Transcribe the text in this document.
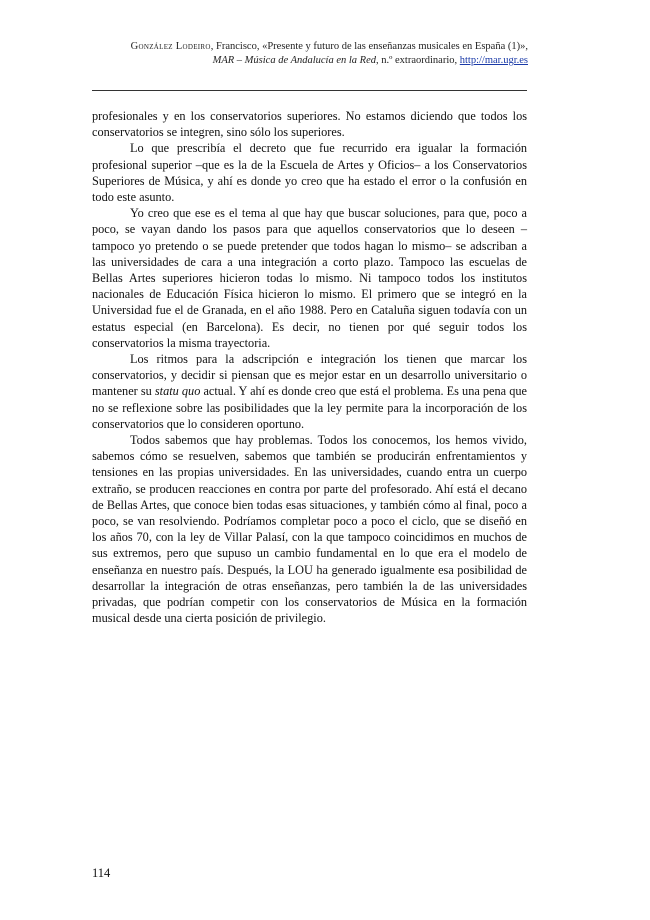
González Lodeiro, Francisco, «Presente y futuro de las enseñanzas musicales en España (1)»,
MAR – Música de Andalucía en la Red, n.º extraordinario, http://mar.ugr.es

profesionales y en los conservatorios superiores. No estamos diciendo que todos los conservatorios se integren, sino sólo los superiores.

Lo que prescribía el decreto que fue recurrido era igualar la formación profesional superior –que es la de la Escuela de Artes y Oficios– a los Conservatorios Superiores de Música, y ahí es donde yo creo que ha estado el error o la confusión en todo este asunto.

Yo creo que ese es el tema al que hay que buscar soluciones, para que, poco a poco, se vayan dando los pasos para que aquellos conservatorios que lo deseen –tampoco yo pretendo o se puede pretender que todos hagan lo mismo– se adscriban a las universidades de cara a una integración a corto plazo. Tampoco las escuelas de Bellas Artes superiores hicieron todas lo mismo. Ni tampoco todos los institutos nacionales de Educación Física hicieron lo mismo. El primero que se integró en la Universidad fue el de Granada, en el año 1988. Pero en Cataluña siguen todavía con un estatus especial (en Barcelona). Es decir, no tienen por qué seguir todos los conservatorios la misma trayectoria.

Los ritmos para la adscripción e integración los tienen que marcar los conservatorios, y decidir si piensan que es mejor estar en un desarrollo universitario o mantener su statu quo actual. Y ahí es donde creo que está el problema. Es una pena que no se reflexione sobre las posibilidades que la ley permite para la incorporación de los conservatorios que lo consideren oportuno.

Todos sabemos que hay problemas. Todos los conocemos, los hemos vivido, sabemos cómo se resuelven, sabemos que también se producirán enfrentamientos y tensiones en las propias universidades. En las universidades, cuando entra un cuerpo extraño, se producen reacciones en contra por parte del profesorado. Ahí está el decano de Bellas Artes, que conoce bien todas esas situaciones, y también cómo al final, poco a poco, se van resolviendo. Podríamos completar poco a poco el ciclo, que se diseñó en los años 70, con la ley de Villar Palasí, con la que tampoco coincidimos en muchos de sus extremos, pero que supuso un cambio fundamental en lo que era el modelo de enseñanza en nuestro país. Después, la LOU ha generado igualmente esa posibilidad de desarrollar la integración de otras enseñanzas, pero también la de las universidades privadas, que podrían competir con los conservatorios de Música en la formación musical desde una cierta posición de privilegio.

114
